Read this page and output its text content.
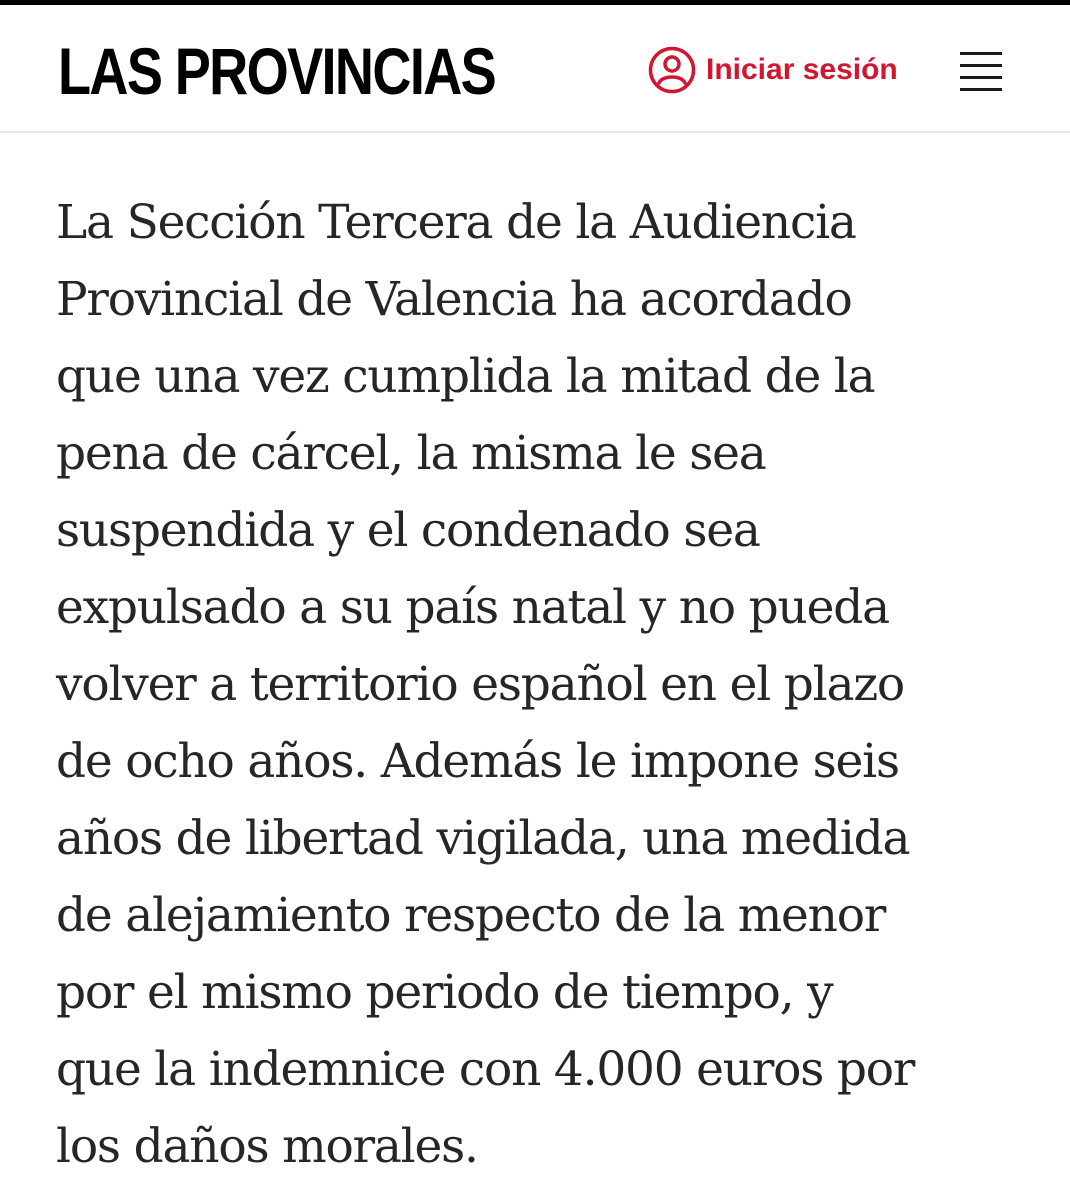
LAS PROVINCIAS	Iniciar sesión

La Sección Tercera de la Audiencia
Provincial de Valencia ha acordado
que una vez cumplida la mitad de la
pena de cárcel, la misma le sea
suspendida y el condenado sea
expulsado a su país natal y no pueda
volver a territorio español en el plazo
de ocho años. Además le impone seis
años de libertad vigilada, una medida
de alejamiento respecto de la menor
por el mismo periodo de tiempo, y
que la indemnice con 4.000 euros por
los daños morales.
